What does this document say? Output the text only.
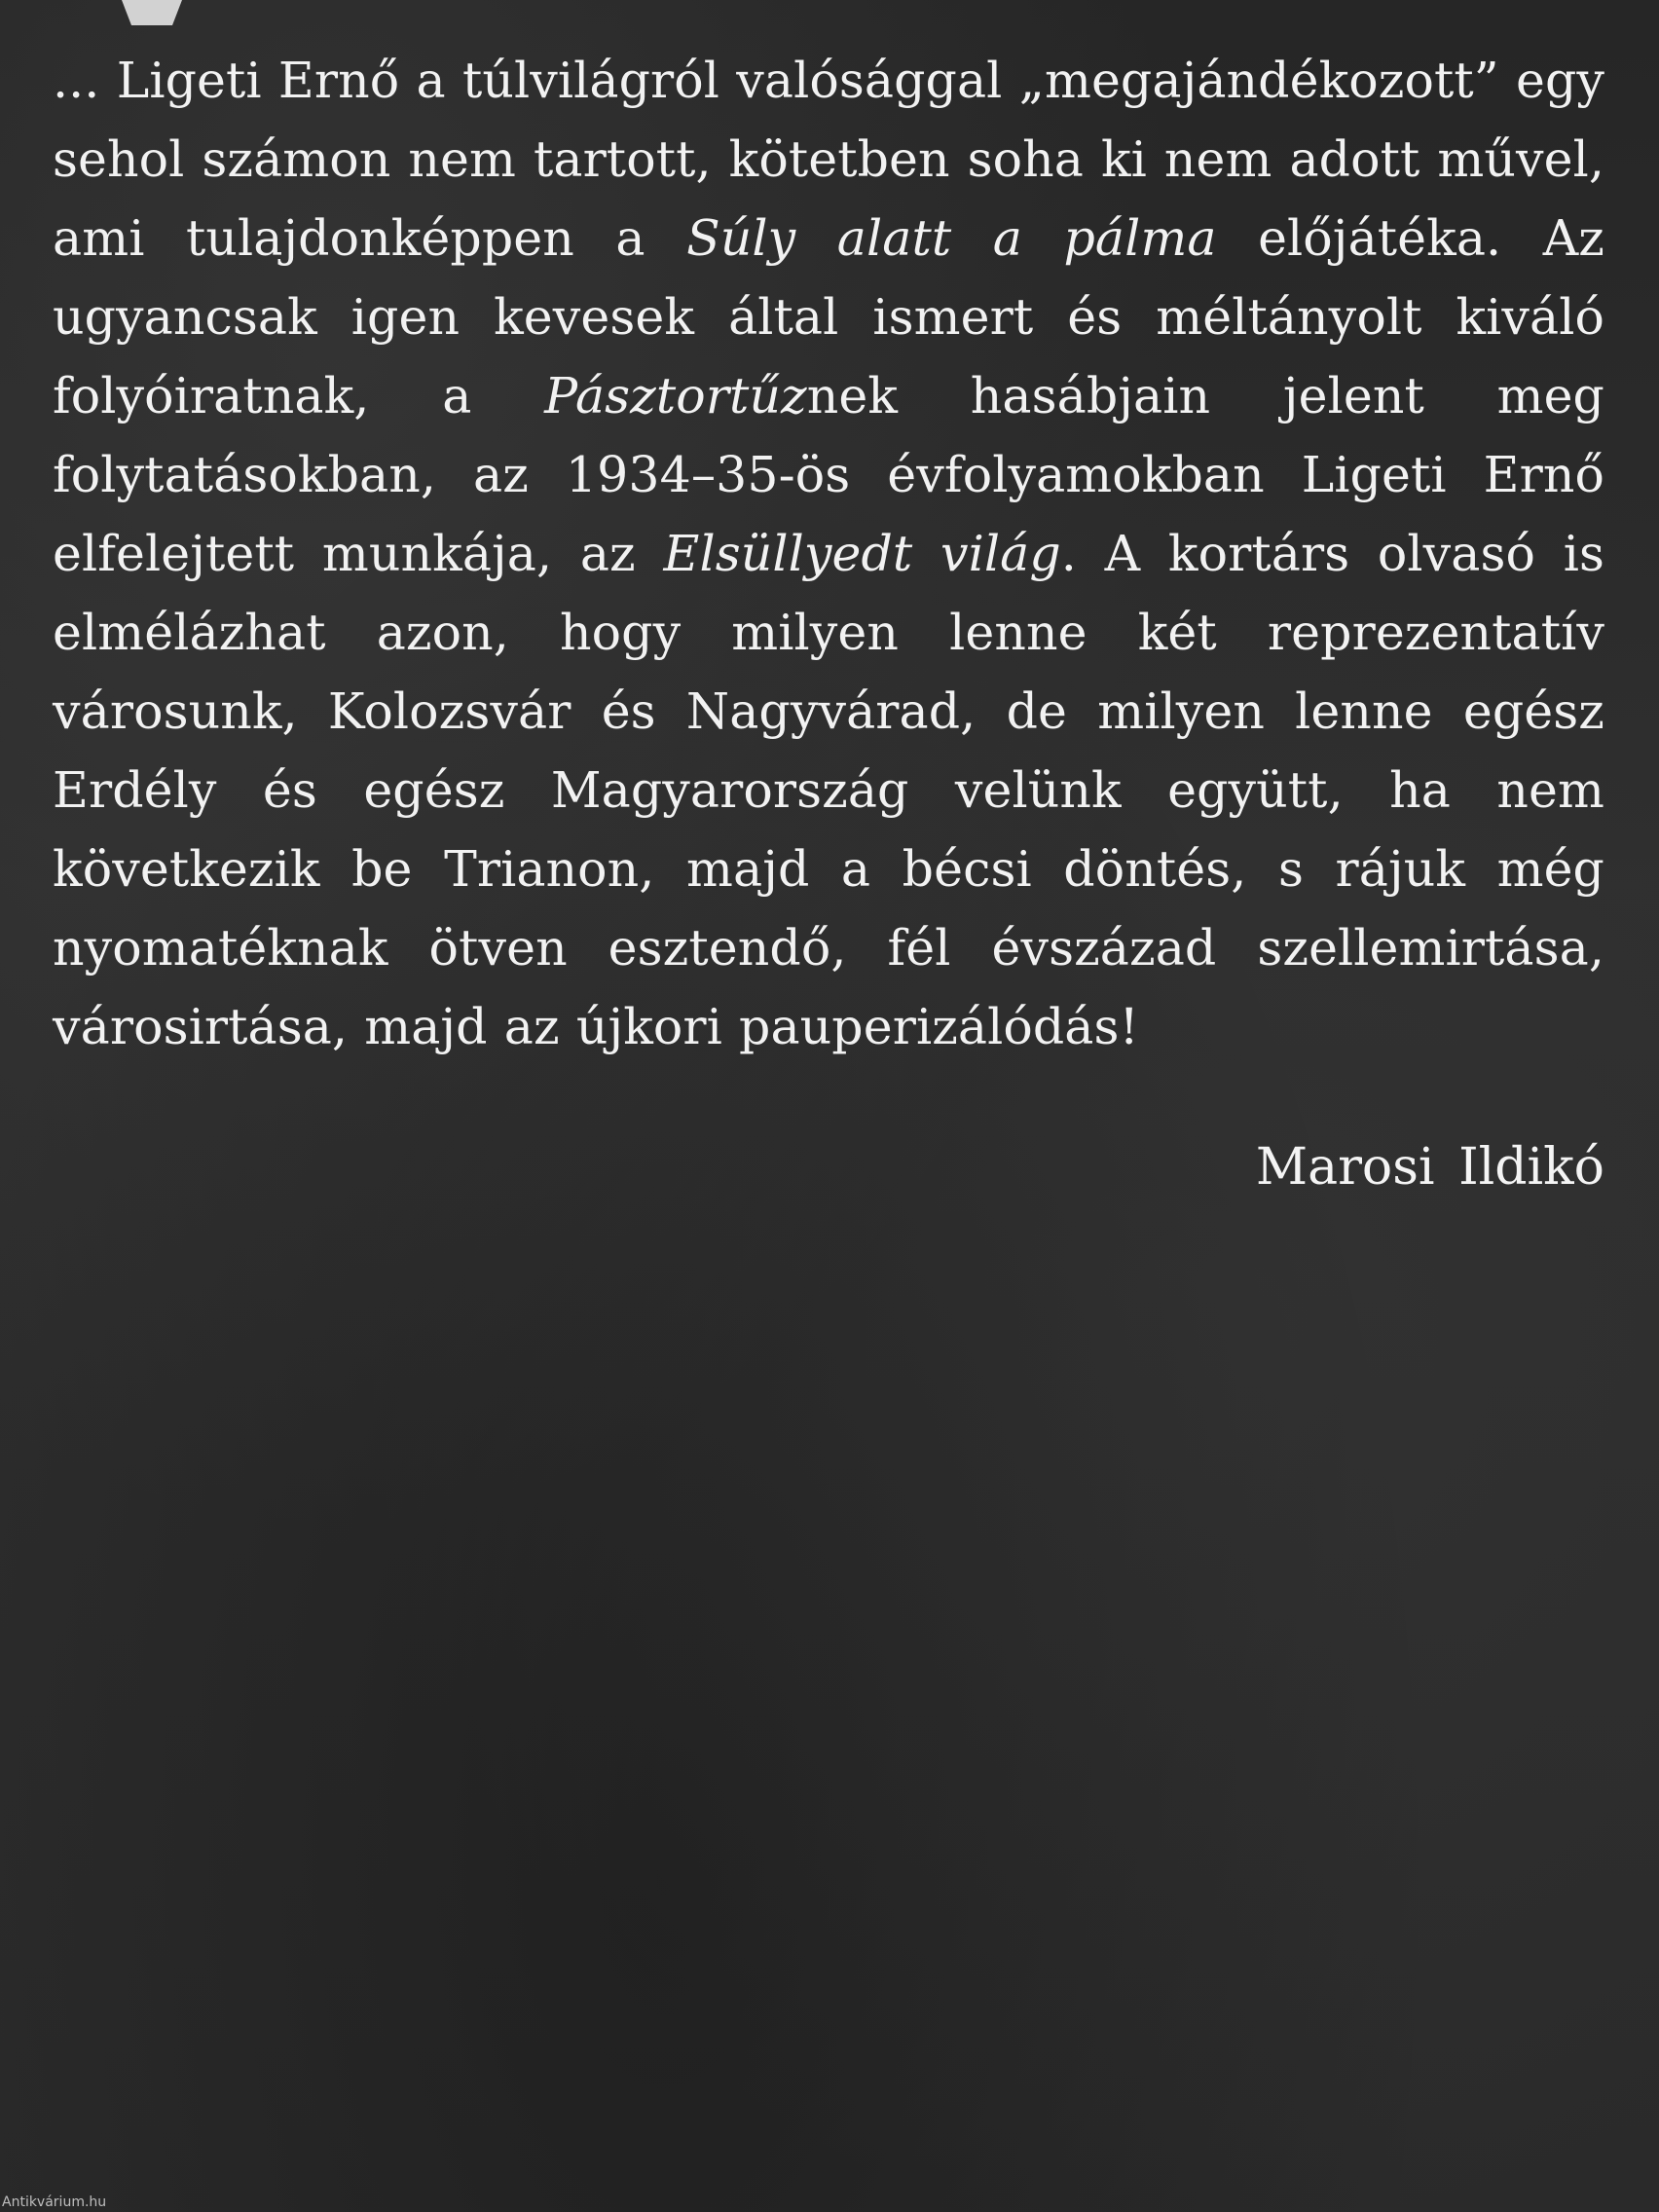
... Ligeti Ernő a túlvilágról valósággal „megajándékozott” egy sehol számon nem tartott, kötetben soha ki nem adott művel, ami tulajdonképpen a Súly alatt a pálma előjátéka. Az ugyancsak igen kevesek által ismert és méltányolt kiváló folyóiratnak, a Pásztortűznek hasábjain jelent meg folytatásokban, az 1934–35-ös évfolyamokban Ligeti Ernő elfelejtett munkája, az Elsüllyedt világ. A kortárs olvasó is elmélázhat azon, hogy milyen lenne két reprezentatív városunk, Kolozsvár és Nagyvárad, de milyen lenne egész Erdély és egész Magyarország velünk együtt, ha nem következik be Trianon, majd a bécsi döntés, s rájuk még nyomatéknak ötven esztendő, fél évszázad szellemirtása, városirtása, majd az újkori pauperizálódás!

Marosi Ildikó

Antikvárium.hu
